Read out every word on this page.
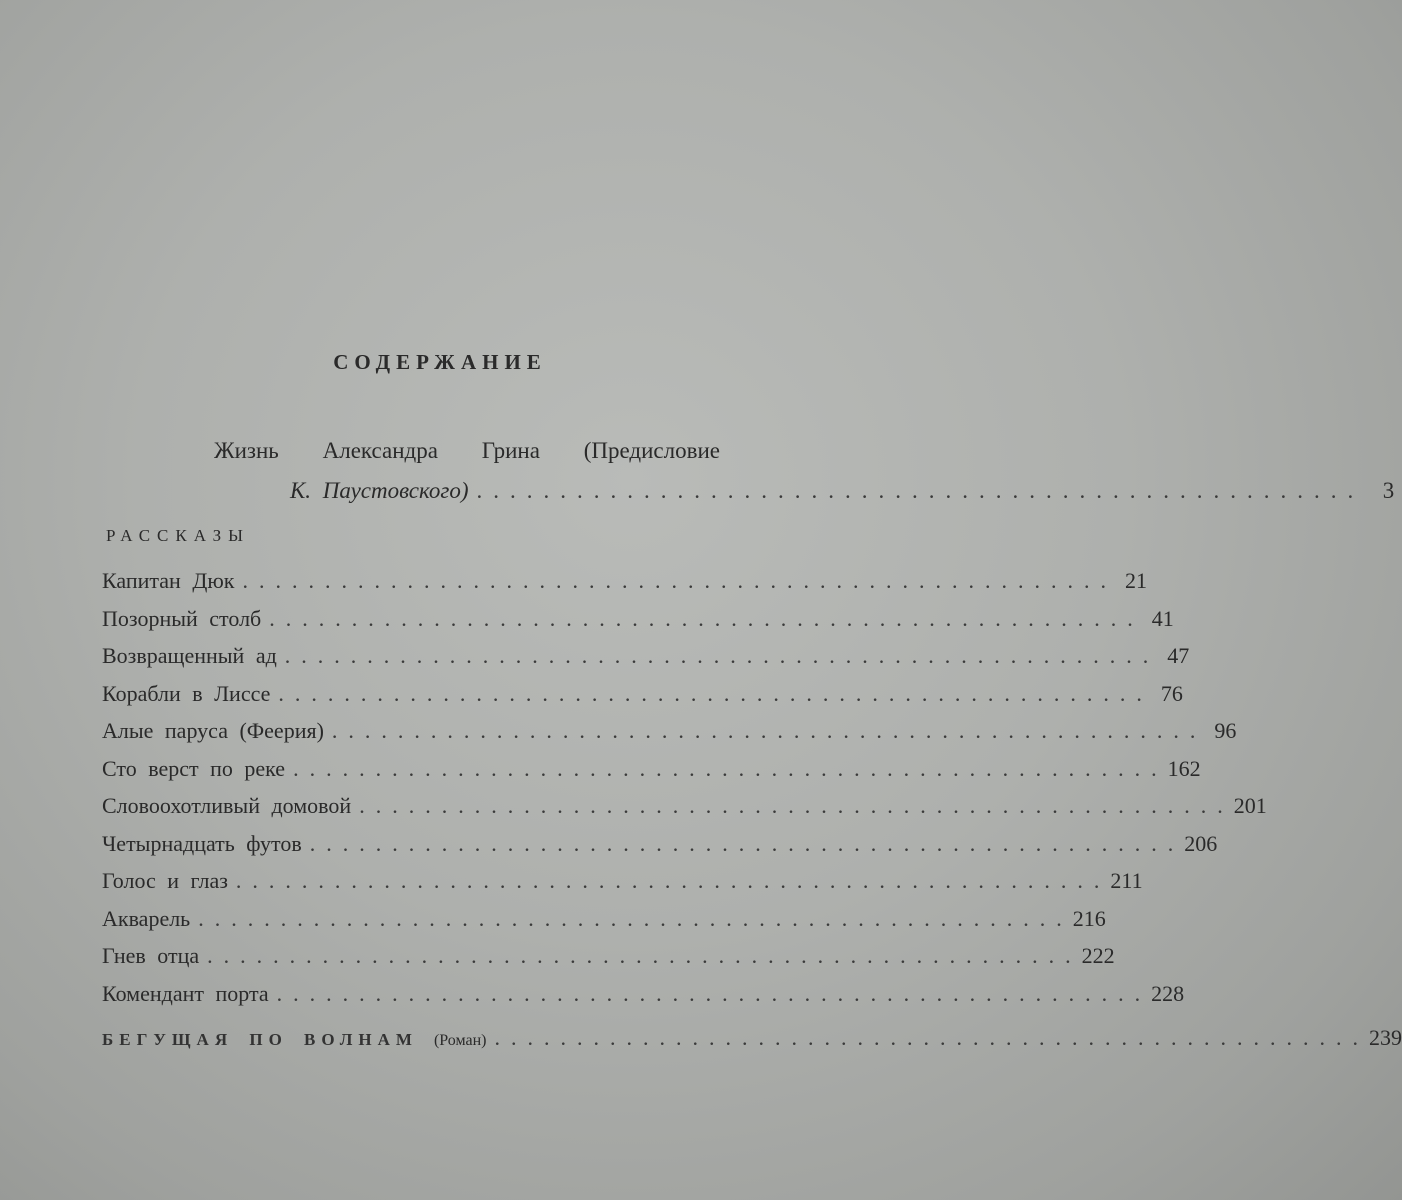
СОДЕРЖАНИЕ
Жизнь Александра Грина (Предисловие
К. Паустовского) ..................................................... 3
РАССКАЗЫ
Капитан Дюк ..................................................... 21
Позорный столб ..................................................... 41
Возвращенный ад ..................................................... 47
Корабли в Лиссе ..................................................... 76
Алые паруса (Феерия) ..................................................... 96
Сто верст по реке ..................................................... 162
Словоохотливый домовой ..................................................... 201
Четырнадцать футов ..................................................... 206
Голос и глаз ..................................................... 211
Акварель ..................................................... 216
Гнев отца ..................................................... 222
Комендант порта ..................................................... 228
БЕГУЩАЯ ПО ВОЛНАМ	(Роман) ..................................................... 239
